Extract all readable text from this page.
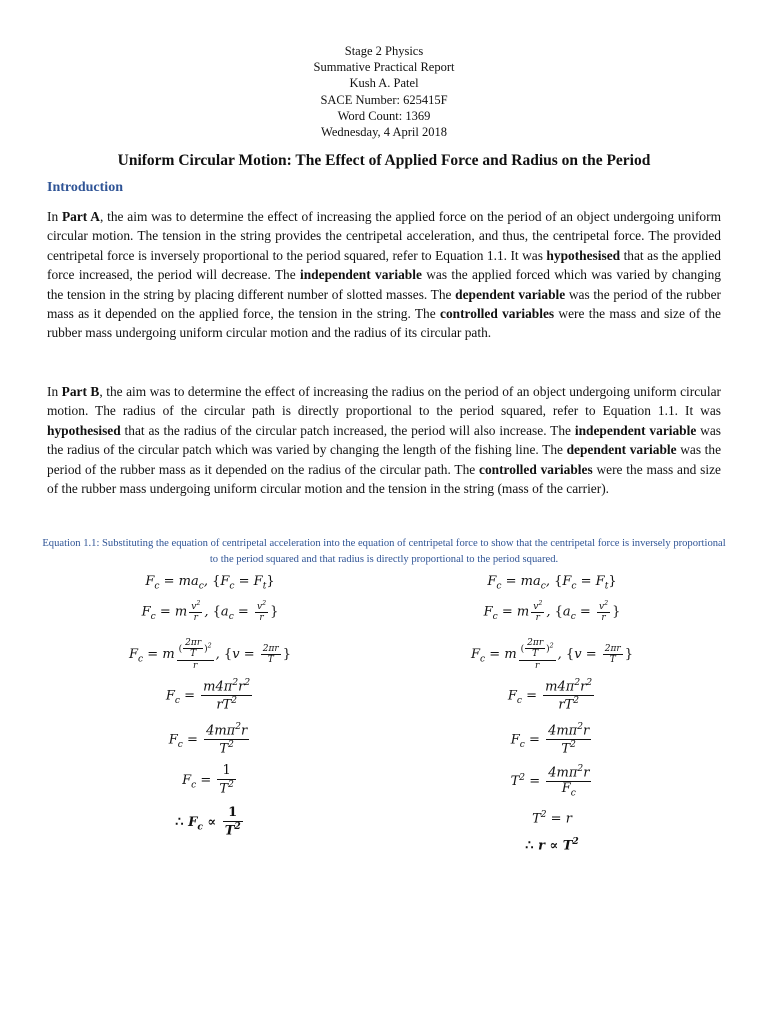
Stage 2 Physics
Summative Practical Report
Kush A. Patel
SACE Number: 625415F
Word Count: 1369
Wednesday, 4 April 2018
Uniform Circular Motion: The Effect of Applied Force and Radius on the Period
Introduction
In Part A, the aim was to determine the effect of increasing the applied force on the period of an object undergoing uniform circular motion. The tension in the string provides the centripetal acceleration, and thus, the centripetal force. The provided centripetal force is inversely proportional to the period squared, refer to Equation 1.1. It was hypothesised that as the applied force increased, the period will decrease. The independent variable was the applied forced which was varied by changing the tension in the string by placing different number of slotted masses. The dependent variable was the period of the rubber mass as it depended on the applied force, the tension in the string. The controlled variables were the mass and size of the rubber mass undergoing uniform circular motion and the radius of its circular path.
In Part B, the aim was to determine the effect of increasing the radius on the period of an object undergoing uniform circular motion. The radius of the circular path is directly proportional to the period squared, refer to Equation 1.1. It was hypothesised that as the radius of the circular patch increased, the period will also increase. The independent variable was the radius of the circular patch which was varied by changing the length of the fishing line. The dependent variable was the period of the rubber mass as it depended on the radius of the circular path. The controlled variables were the mass and size of the rubber mass undergoing uniform circular motion and the tension in the string (mass of the carrier).
Equation 1.1: Substituting the equation of centripetal acceleration into the equation of centripetal force to show that the centripetal force is inversely proportional to the period squared and that radius is directly proportional to the period squared.
$F_c = ma_c$, $\{F_c = F_t\}$
$F_c = m \frac{v^2}{r}$ , {$a_c = \frac{v^2}{r}$ }
$F_c = m \frac{( \frac{2\pi r}{T} )^2}{r}$ , {$v = \frac{2\pi r}{T}$ }
$F_c = \frac{m4\pi^2r^2}{rT^2}$
$F_c = \frac{4m\pi^2r}{T^2}$
$F_c = \frac{1}{T^2}$
∴ $F_c \propto \frac{1}{T^2}$
$F_c = ma_c$, $\{F_c = F_t\}$
$F_c = m \frac{v^2}{r}$ , {$a_c = \frac{v^2}{r}$ }
$F_c = m \frac{( \frac{2\pi r}{T} )^2}{r}$ , {$v = \frac{2\pi r}{T}$ }
$F_c = \frac{m4\pi^2r^2}{rT^2}$
$F_c = \frac{4m\pi^2r}{T^2}$
$T^2 = \frac{4m\pi^2r}{F_c}$
$T^2 = r$
∴ $r \propto T^2$
